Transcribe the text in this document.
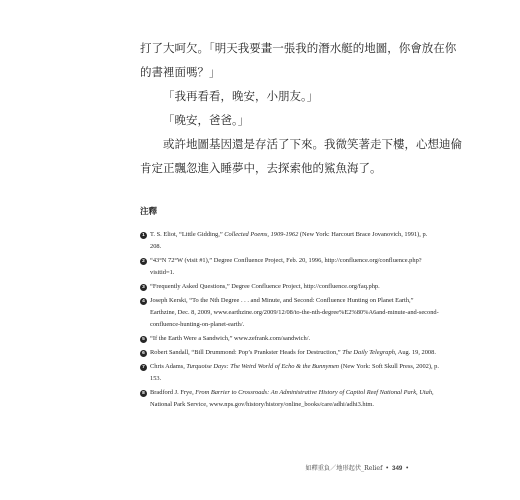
打了大呵欠。「明天我要畫一張我的潛水艇的地圖，你會放在你

的書裡面嗎？」

「我再看看，晚安，小朋友。」

「晚安，爸爸。」

或許地圖基因還是存活了下來。我微笑著走下樓，心想迪倫

肯定正飄忽進入睡夢中，去探索他的鯊魚海了。

注釋
1 T. S. Eliot, “Little Gidding,” Collected Poems, 1909-1962 (New York: Harcourt Brace Jovanovich, 1991), p. 208.
2 “43°N 72°W (visit #1),” Degree Confluence Project, Feb. 20, 1996, http://confluence.org/confluence.php?visitid=1.
3 “Frequently Asked Questions,” Degree Confluence Project, http://confluence.org/faq.php.
4 Joseph Kerski, “To the Nth Degree . . . and Minute, and Second: Confluence Hunting on Planet Earth,” Earthzine, Dec. 8, 2009, www.earthzine.org/2009/12/08/to-the-nth-degree%E2%80%A6and-minute-and-second-confluence-hunting-on-planet-earth/.
5 “If the Earth Were a Sandwich,” www.zefrank.com/sandwich/.
6 Robert Sandall, “Bill Drummond: Pop’s Prankster Heads for Destruction,” The Daily Telegraph, Aug. 19, 2008.
7 Chris Adams, Turquoise Days: The Weird World of Echo & the Bunnymen (New York: Soft Skull Press, 2002), p. 153.
8 Bradford J. Frye, From Barrier to Crossroads: An Administrative History of Capitol Reef National Park, Utah, National Park Service, www.nps.gov/history/history/online_books/care/adhi/adhi3.htm.
如釋重負／地形起伏_Relief • 349 •
